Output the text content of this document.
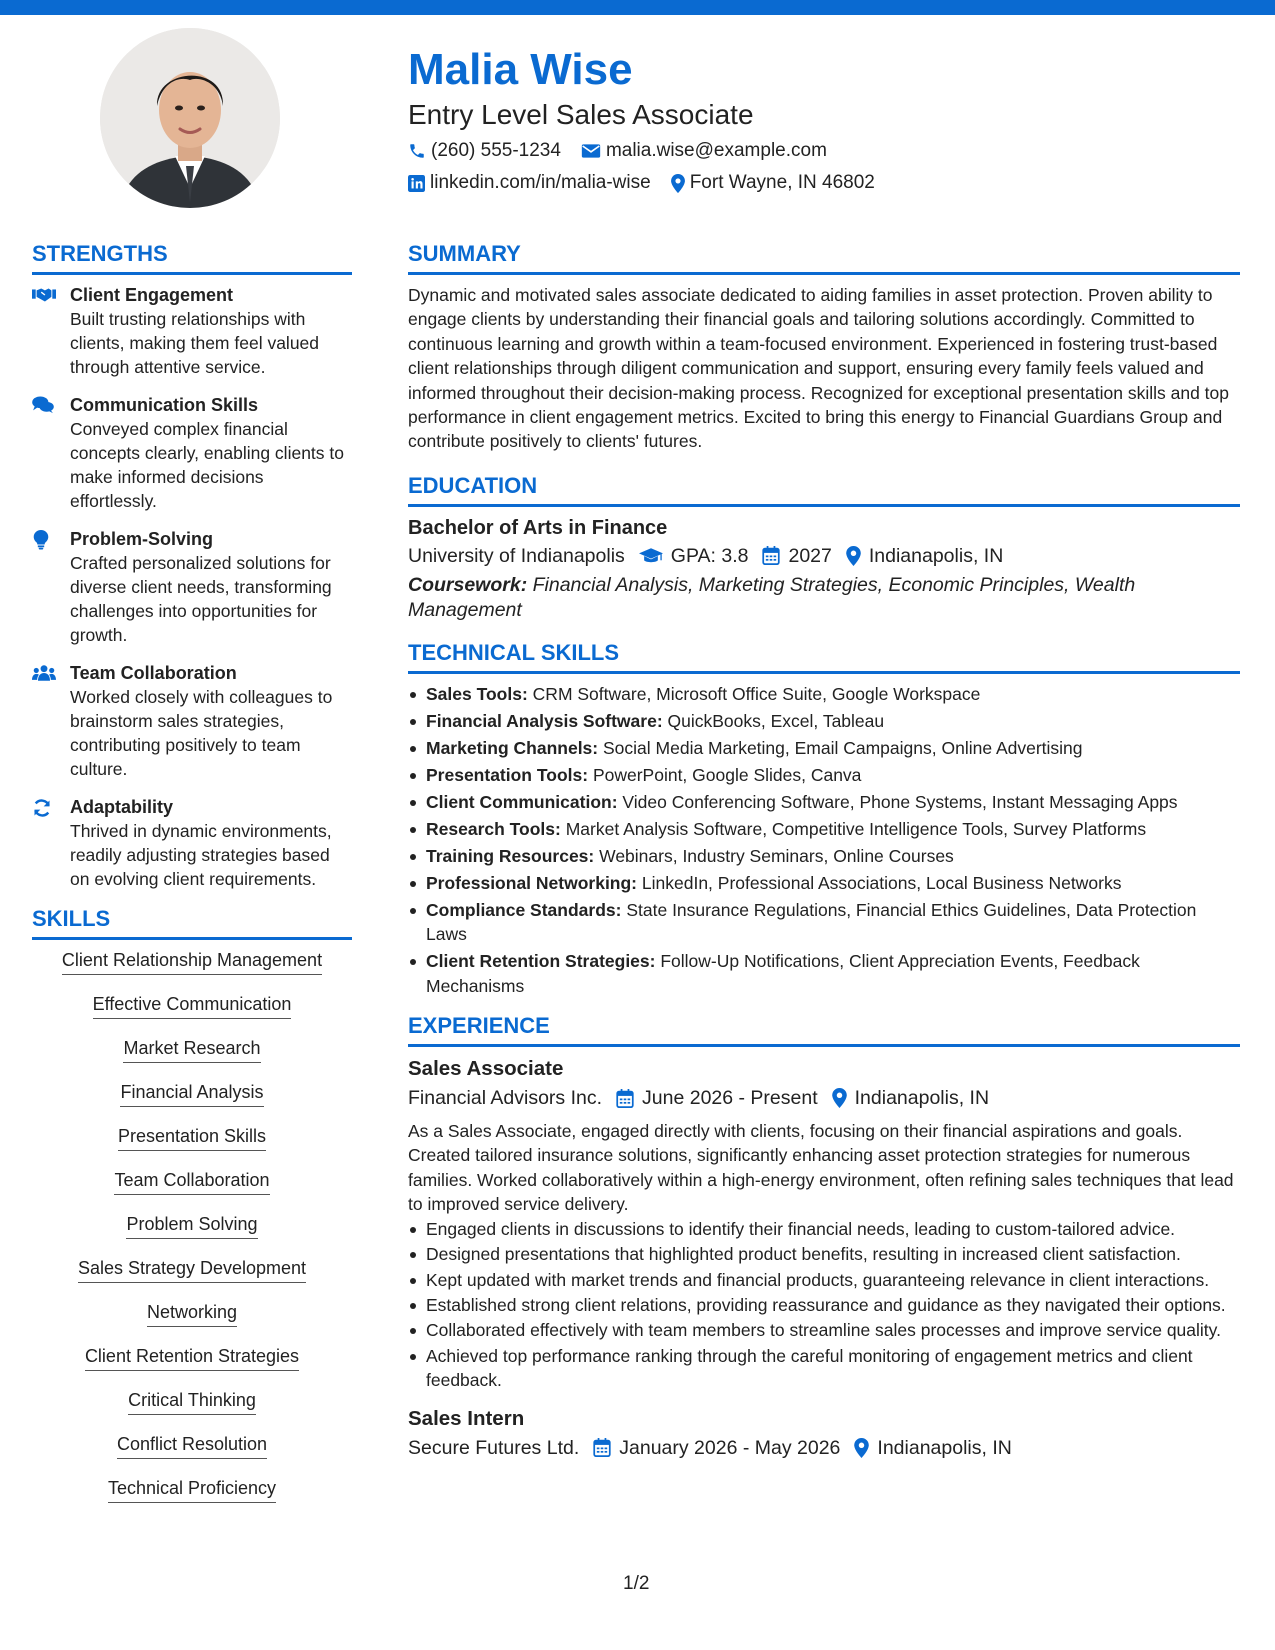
Malia Wise
Entry Level Sales Associate
(260) 555-1234 malia.wise@example.com
linkedin.com/in/malia-wise Fort Wayne, IN 46802
STRENGTHS
Client Engagement
Built trusting relationships with clients, making them feel valued through attentive service.
Communication Skills
Conveyed complex financial concepts clearly, enabling clients to make informed decisions effortlessly.
Problem-Solving
Crafted personalized solutions for diverse client needs, transforming challenges into opportunities for growth.
Team Collaboration
Worked closely with colleagues to brainstorm sales strategies, contributing positively to team culture.
Adaptability
Thrived in dynamic environments, readily adjusting strategies based on evolving client requirements.
SKILLS
Client Relationship Management
Effective Communication
Market Research
Financial Analysis
Presentation Skills
Team Collaboration
Problem Solving
Sales Strategy Development
Networking
Client Retention Strategies
Critical Thinking
Conflict Resolution
Technical Proficiency
SUMMARY
Dynamic and motivated sales associate dedicated to aiding families in asset protection. Proven ability to engage clients by understanding their financial goals and tailoring solutions accordingly. Committed to continuous learning and growth within a team-focused environment. Experienced in fostering trust-based client relationships through diligent communication and support, ensuring every family feels valued and informed throughout their decision-making process. Recognized for exceptional presentation skills and top performance in client engagement metrics. Excited to bring this energy to Financial Guardians Group and contribute positively to clients' futures.
EDUCATION
Bachelor of Arts in Finance
University of Indianapolis GPA: 3.8 2027 Indianapolis, IN
Coursework: Financial Analysis, Marketing Strategies, Economic Principles, Wealth Management
TECHNICAL SKILLS
Sales Tools: CRM Software, Microsoft Office Suite, Google Workspace
Financial Analysis Software: QuickBooks, Excel, Tableau
Marketing Channels: Social Media Marketing, Email Campaigns, Online Advertising
Presentation Tools: PowerPoint, Google Slides, Canva
Client Communication: Video Conferencing Software, Phone Systems, Instant Messaging Apps
Research Tools: Market Analysis Software, Competitive Intelligence Tools, Survey Platforms
Training Resources: Webinars, Industry Seminars, Online Courses
Professional Networking: LinkedIn, Professional Associations, Local Business Networks
Compliance Standards: State Insurance Regulations, Financial Ethics Guidelines, Data Protection Laws
Client Retention Strategies: Follow-Up Notifications, Client Appreciation Events, Feedback Mechanisms
EXPERIENCE
Sales Associate
Financial Advisors Inc. June 2026 - Present Indianapolis, IN
As a Sales Associate, engaged directly with clients, focusing on their financial aspirations and goals. Created tailored insurance solutions, significantly enhancing asset protection strategies for numerous families. Worked collaboratively within a high-energy environment, often refining sales techniques that lead to improved service delivery.
Engaged clients in discussions to identify their financial needs, leading to custom-tailored advice.
Designed presentations that highlighted product benefits, resulting in increased client satisfaction.
Kept updated with market trends and financial products, guaranteeing relevance in client interactions.
Established strong client relations, providing reassurance and guidance as they navigated their options.
Collaborated effectively with team members to streamline sales processes and improve service quality.
Achieved top performance ranking through the careful monitoring of engagement metrics and client feedback.
Sales Intern
Secure Futures Ltd. January 2026 - May 2026 Indianapolis, IN
1/2
